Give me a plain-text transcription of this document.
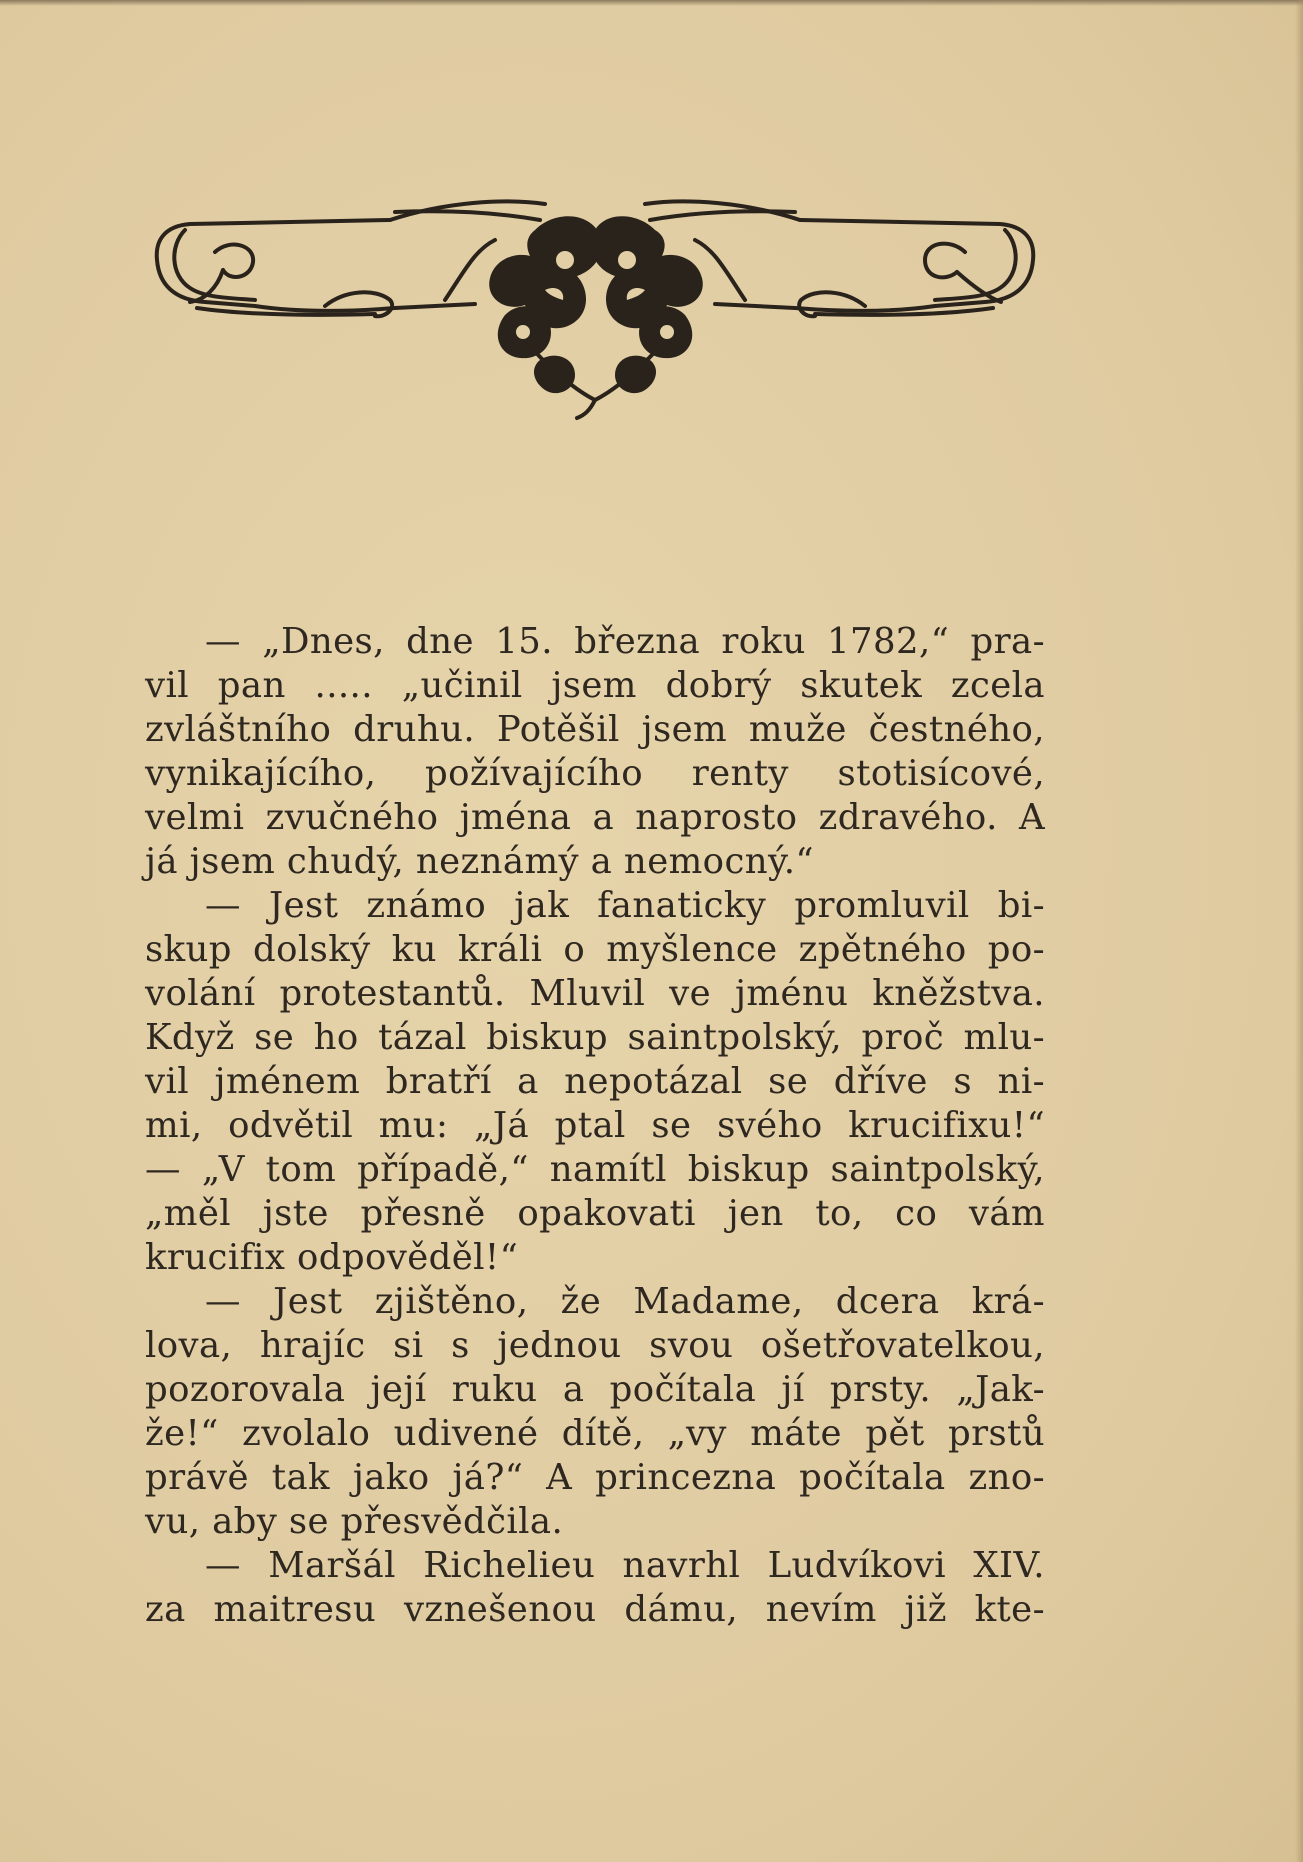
— „Dnes, dne 15. března roku 1782,“ pra-
vil pan ..... „učinil jsem dobrý skutek zcela
zvláštního druhu. Potěšil jsem muže čestného,
vynikajícího, požívajícího renty stotisícové,
velmi zvučného jména a naprosto zdravého. A
já jsem chudý, neznámý a nemocný.“
— Jest známo jak fanaticky promluvil bi-
skup dolský ku králi o myšlence zpětného po-
volání protestantů. Mluvil ve jménu kněžstva.
Když se ho tázal biskup saintpolský, proč mlu-
vil jménem bratří a nepotázal se dříve s ni-
mi, odvětil mu: „Já ptal se svého krucifixu!“
— „V tom případě,“ namítl biskup saintpolský,
„měl jste přesně opakovati jen to, co vám
krucifix odpověděl!“
— Jest zjištěno, že Madame, dcera krá-
lova, hrajíc si s jednou svou ošetřovatelkou,
pozorovala její ruku a počítala jí prsty. „Jak-
že!“ zvolalo udivené dítě, „vy máte pět prstů
právě tak jako já?“ A princezna počítala zno-
vu, aby se přesvědčila.
— Maršál Richelieu navrhl Ludvíkovi XIV.
za maitresu vznešenou dámu, nevím již kte-
